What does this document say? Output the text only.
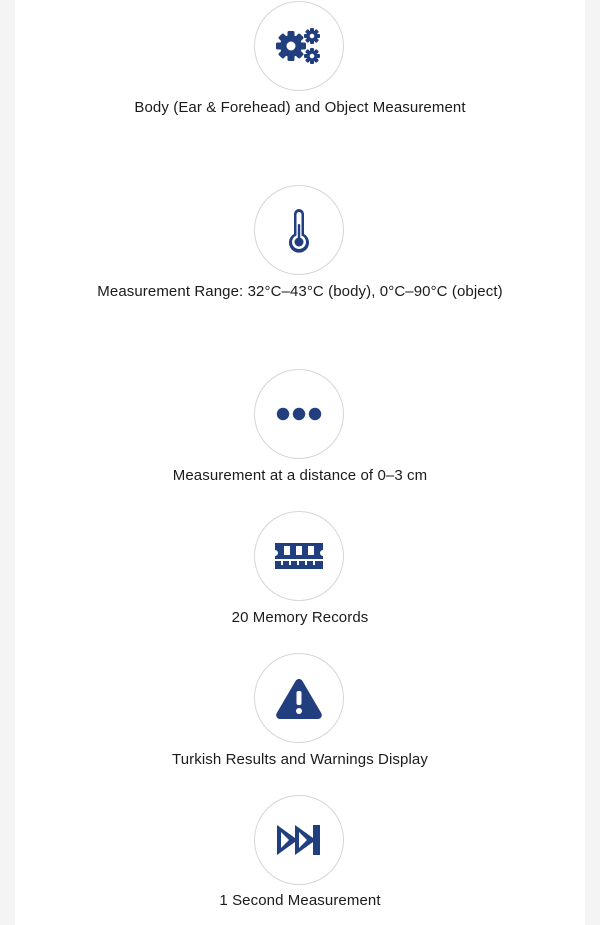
Body (Ear & Forehead) and Object Measurement
Measurement Range: 32°C–43°C (body), 0°C–90°C (object)
Measurement at a distance of 0–3 cm
20 Memory Records
Turkish Results and Warnings Display
1 Second Measurement
